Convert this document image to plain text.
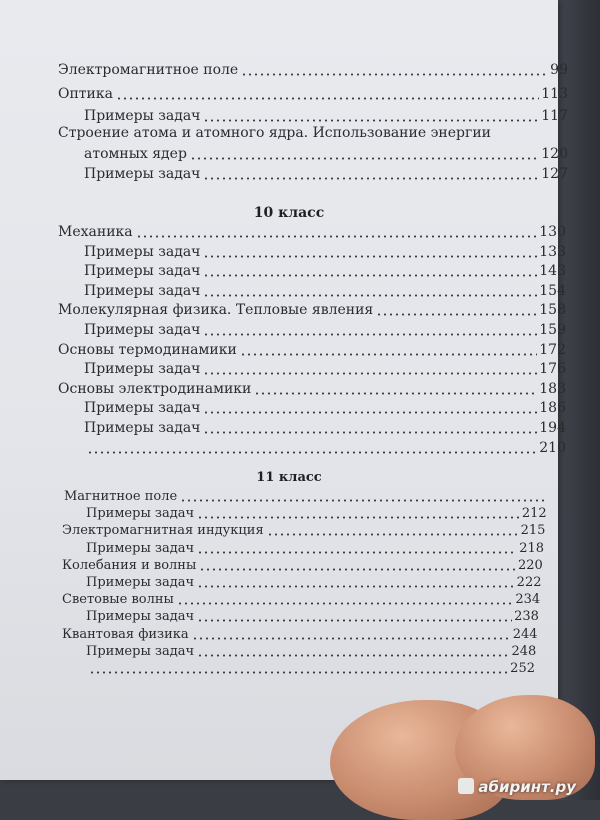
Электромагнитное поле	99
Оптика	113
Примеры задач	117
Строение атома и атомного ядра. Использование энергии
атомных ядер	120
Примеры задач	127
10 класс
Механика	130
Примеры задач	133
Примеры задач	143
Примеры задач	154
Молекулярная физика. Тепловые явления	158
Примеры задач	159
Основы термодинамики	172
Примеры задач	176
Основы электродинамики	183
Примеры задач	186
Примеры задач	194
210
11 класс
Магнитное поле
Примеры задач	212
Электромагнитная индукция	215
Примеры задач	218
Колебания и волны	220
Примеры задач	222
Световые волны	234
Примеры задач	238
Квантовая физика	244
Примеры задач	248
252
абиринт.ру
